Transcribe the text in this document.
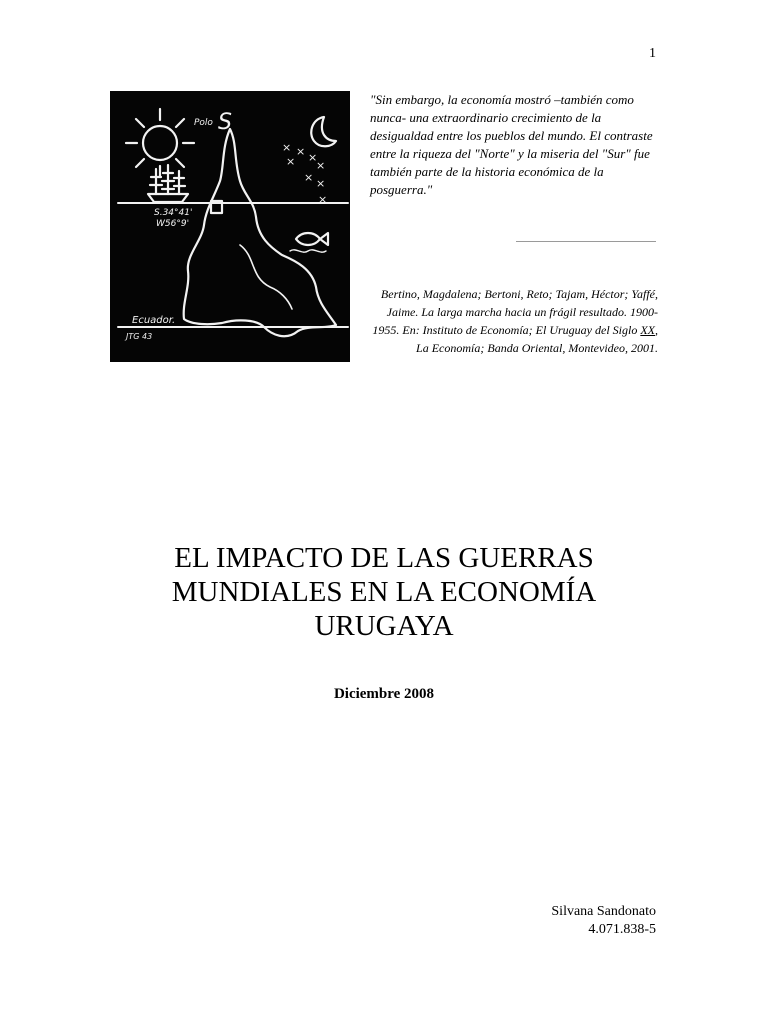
1
× ×
× ×
×
× ×
×
Polo S
S.34°41'
W56°9'
Ecuador.
JTG 43
"Sin embargo, la economía mostró –también como nunca- una extraordinario crecimiento de la desigualdad entre los pueblos del mundo. El contraste entre la riqueza del "Norte" y la miseria del "Sur" fue también parte de la historia económica de la posguerra."
Bertino, Magdalena; Bertoni, Reto; Tajam, Héctor; Yaffé, Jaime. La larga marcha hacia un frágil resultado. 1900-1955. En: Instituto de Economía; El Uruguay del Siglo XX, La Economía; Banda Oriental, Montevideo, 2001.
EL IMPACTO DE LAS GUERRAS
MUNDIALES EN LA ECONOMÍA
URUGAYA
Diciembre 2008
Silvana Sandonato
4.071.838-5
